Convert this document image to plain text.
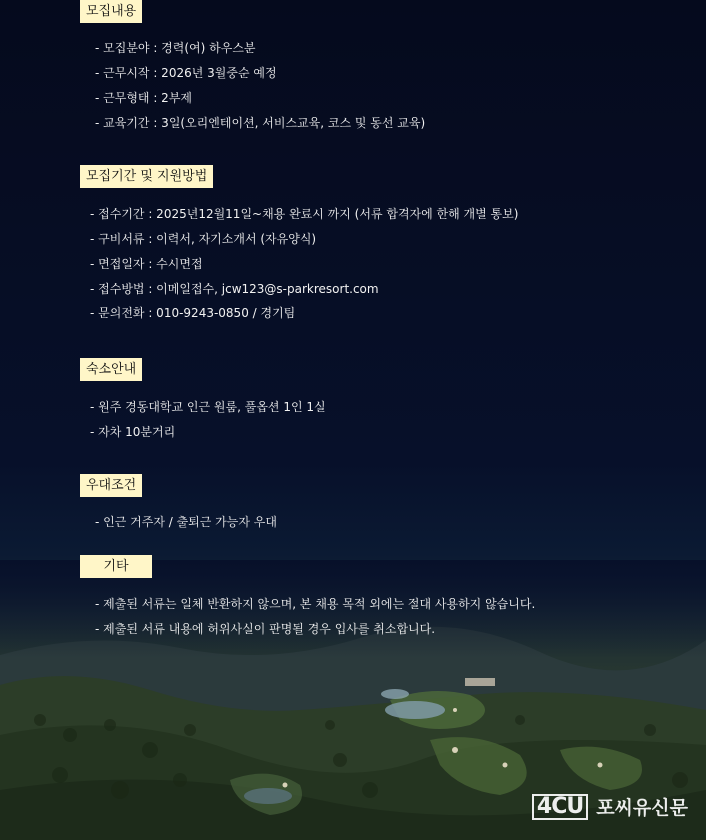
모집내용
- 모집분야 : 경력(여) 하우스분
- 근무시작 : 2026년 3월중순 예정
- 근무형태 : 2부제
- 교육기간 : 3일(오리엔테이션, 서비스교육, 코스 및 동선 교육)
모집기간 및 지원방법
- 접수기간 : 2025년12월11일~채용 완료시 까지 (서류 합격자에 한해 개별 통보)
- 구비서류 : 이력서, 자기소개서 (자유양식)
- 면접일자 : 수시면접
- 접수방법 : 이메일접수, jcw123@s-parkresort.com
- 문의전화 : 010-9243-0850 / 경기팀
숙소안내
- 원주 경동대학교 인근 원룸, 풀옵션 1인 1실
- 자차 10분거리
우대조건
- 인근 거주자 / 출퇴근 가능자 우대
기타
- 제출된 서류는 일체 반환하지 않으며, 본 채용 목적 외에는 절대 사용하지 않습니다.
- 제출된 서류 내용에 허위사실이 판명될 경우 입사를 취소합니다.
4CU 포씨유신문
